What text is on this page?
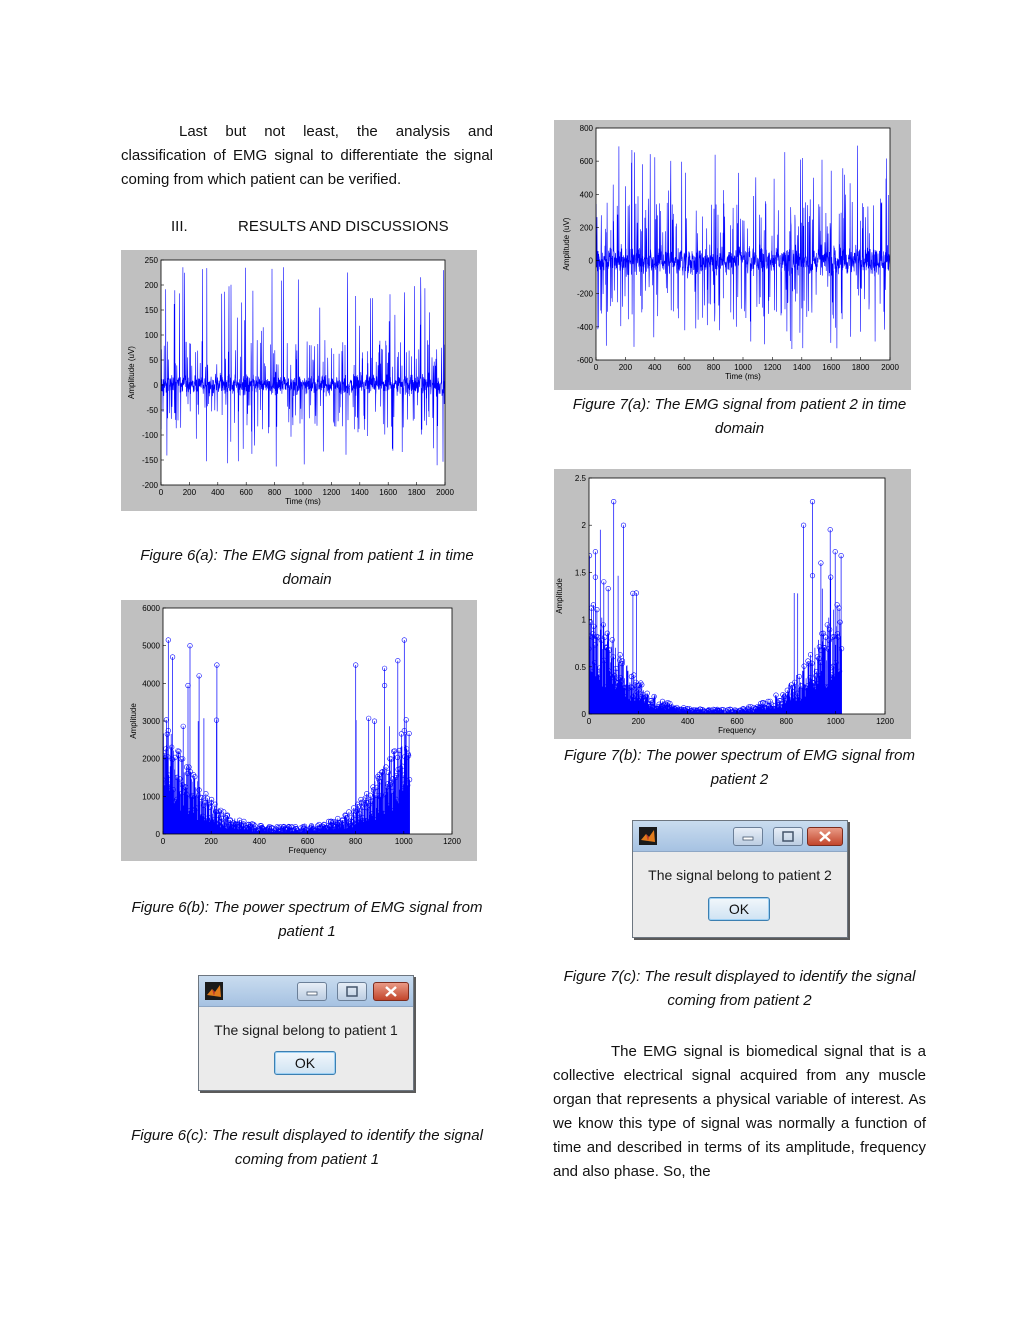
Last but not least, the analysis and classification of EMG signal to differentiate the signal coming from which patient can be verified.

III.	RESULTS AND DISCUSSIONS
0 200 400 600 800 1000 1200 1400 1600 1800 2000
-200
-150
-100
-50
0
50
100
150
200
250
Time (ms)
Amplitude (uV)

Figure 6(a): The EMG signal from patient 1 in time domain

0	200	400	600	800	1000	1200
0
1000
2000
3000
4000
5000
6000
Frequency
Amplitude

Figure 6(b): The power spectrum of EMG signal from patient 1

The signal belong to patient 1
OK

Figure 6(c): The result displayed to identify the signal coming from patient 1

0	200 400 600 800 1000 1200 1400 1600 1800 2000
-600
-400
-200
0
200
400
600
800
Time (ms)
Amplitude (uV)

Figure 7(a): The EMG signal from patient 2 in time domain

0	200	400	600	800	1000	1200
0
0.5
1
1.5
2
2.5
Frequency
Amplitude

Figure 7(b): The power spectrum of EMG signal from patient 2

The signal belong to patient 2
OK

Figure 7(c): The result displayed to identify the signal coming from patient 2

The EMG signal is biomedical signal that is a collective electrical signal acquired from any muscle organ that represents a physical variable of interest. As we know this type of signal was normally a function of time and described in terms of its amplitude, frequency and also phase. So, the
